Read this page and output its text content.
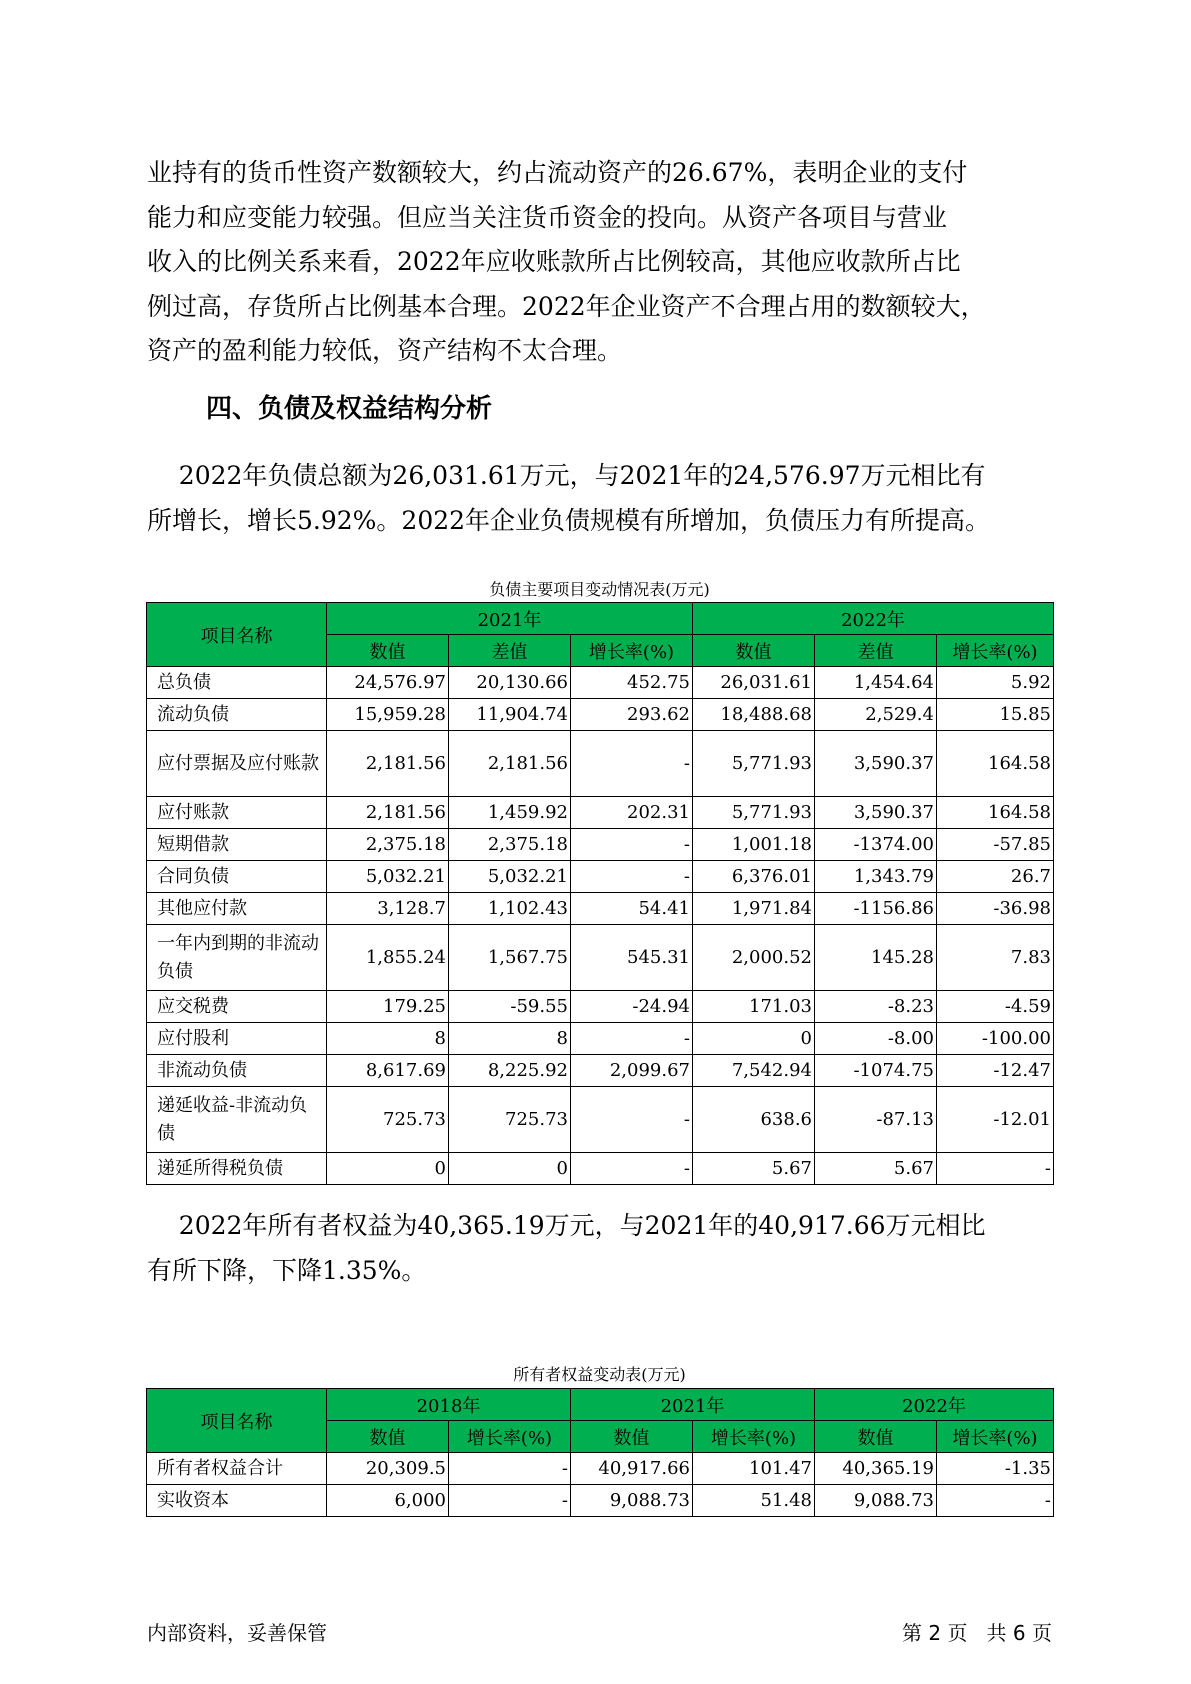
业持有的货币性资产数额较大，约占流动资产的26.67%，表明企业的支付
能力和应变能力较强。但应当关注货币资金的投向。从资产各项目与营业
收入的比例关系来看，2022年应收账款所占比例较高，其他应收款所占比
例过高，存货所占比例基本合理。2022年企业资产不合理占用的数额较大，
资产的盈利能力较低，资产结构不太合理。

四、负债及权益结构分析

2022年负债总额为26,031.61万元，与2021年的24,576.97万元相比有
所增长，增长5.92%。2022年企业负债规模有所增加，负债压力有所提高。

负债主要项目变动情况表(万元)
项目名称	2021年			2022年		
	数值	差值	增长率(%)	数值	差值	增长率(%)
总负债	24,576.97	20,130.66	452.75	26,031.61	1,454.64	5.92
流动负债	15,959.28	11,904.74	293.62	18,488.68	2,529.4	15.85
应付票据及应付账款	2,181.56	2,181.56	-	5,771.93	3,590.37	164.58
应付账款	2,181.56	1,459.92	202.31	5,771.93	3,590.37	164.58
短期借款	2,375.18	2,375.18	-	1,001.18	-1374.00	-57.85
合同负债	5,032.21	5,032.21	-	6,376.01	1,343.79	26.7
其他应付款	3,128.7	1,102.43	54.41	1,971.84	-1156.86	-36.98
一年内到期的非流动负债	1,855.24	1,567.75	545.31	2,000.52	145.28	7.83
应交税费	179.25	-59.55	-24.94	171.03	-8.23	-4.59
应付股利	8	8	-	0	-8.00	-100.00
非流动负债	8,617.69	8,225.92	2,099.67	7,542.94	-1074.75	-12.47
递延收益-非流动负债	725.73	725.73	-	638.6	-87.13	-12.01
递延所得税负债	0	0	-	5.67	5.67	-

2022年所有者权益为40,365.19万元，与2021年的40,917.66万元相比
有所下降，下降1.35%。

所有者权益变动表(万元)
项目名称	2018年		2021年		2022年	
	数值	增长率(%)	数值	增长率(%)	数值	增长率(%)
所有者权益合计	20,309.5	-	40,917.66	101.47	40,365.19	-1.35
实收资本	6,000	-	9,088.73	51.48	9,088.73	-
内部资料，妥善保管	第 2 页   共 6 页
